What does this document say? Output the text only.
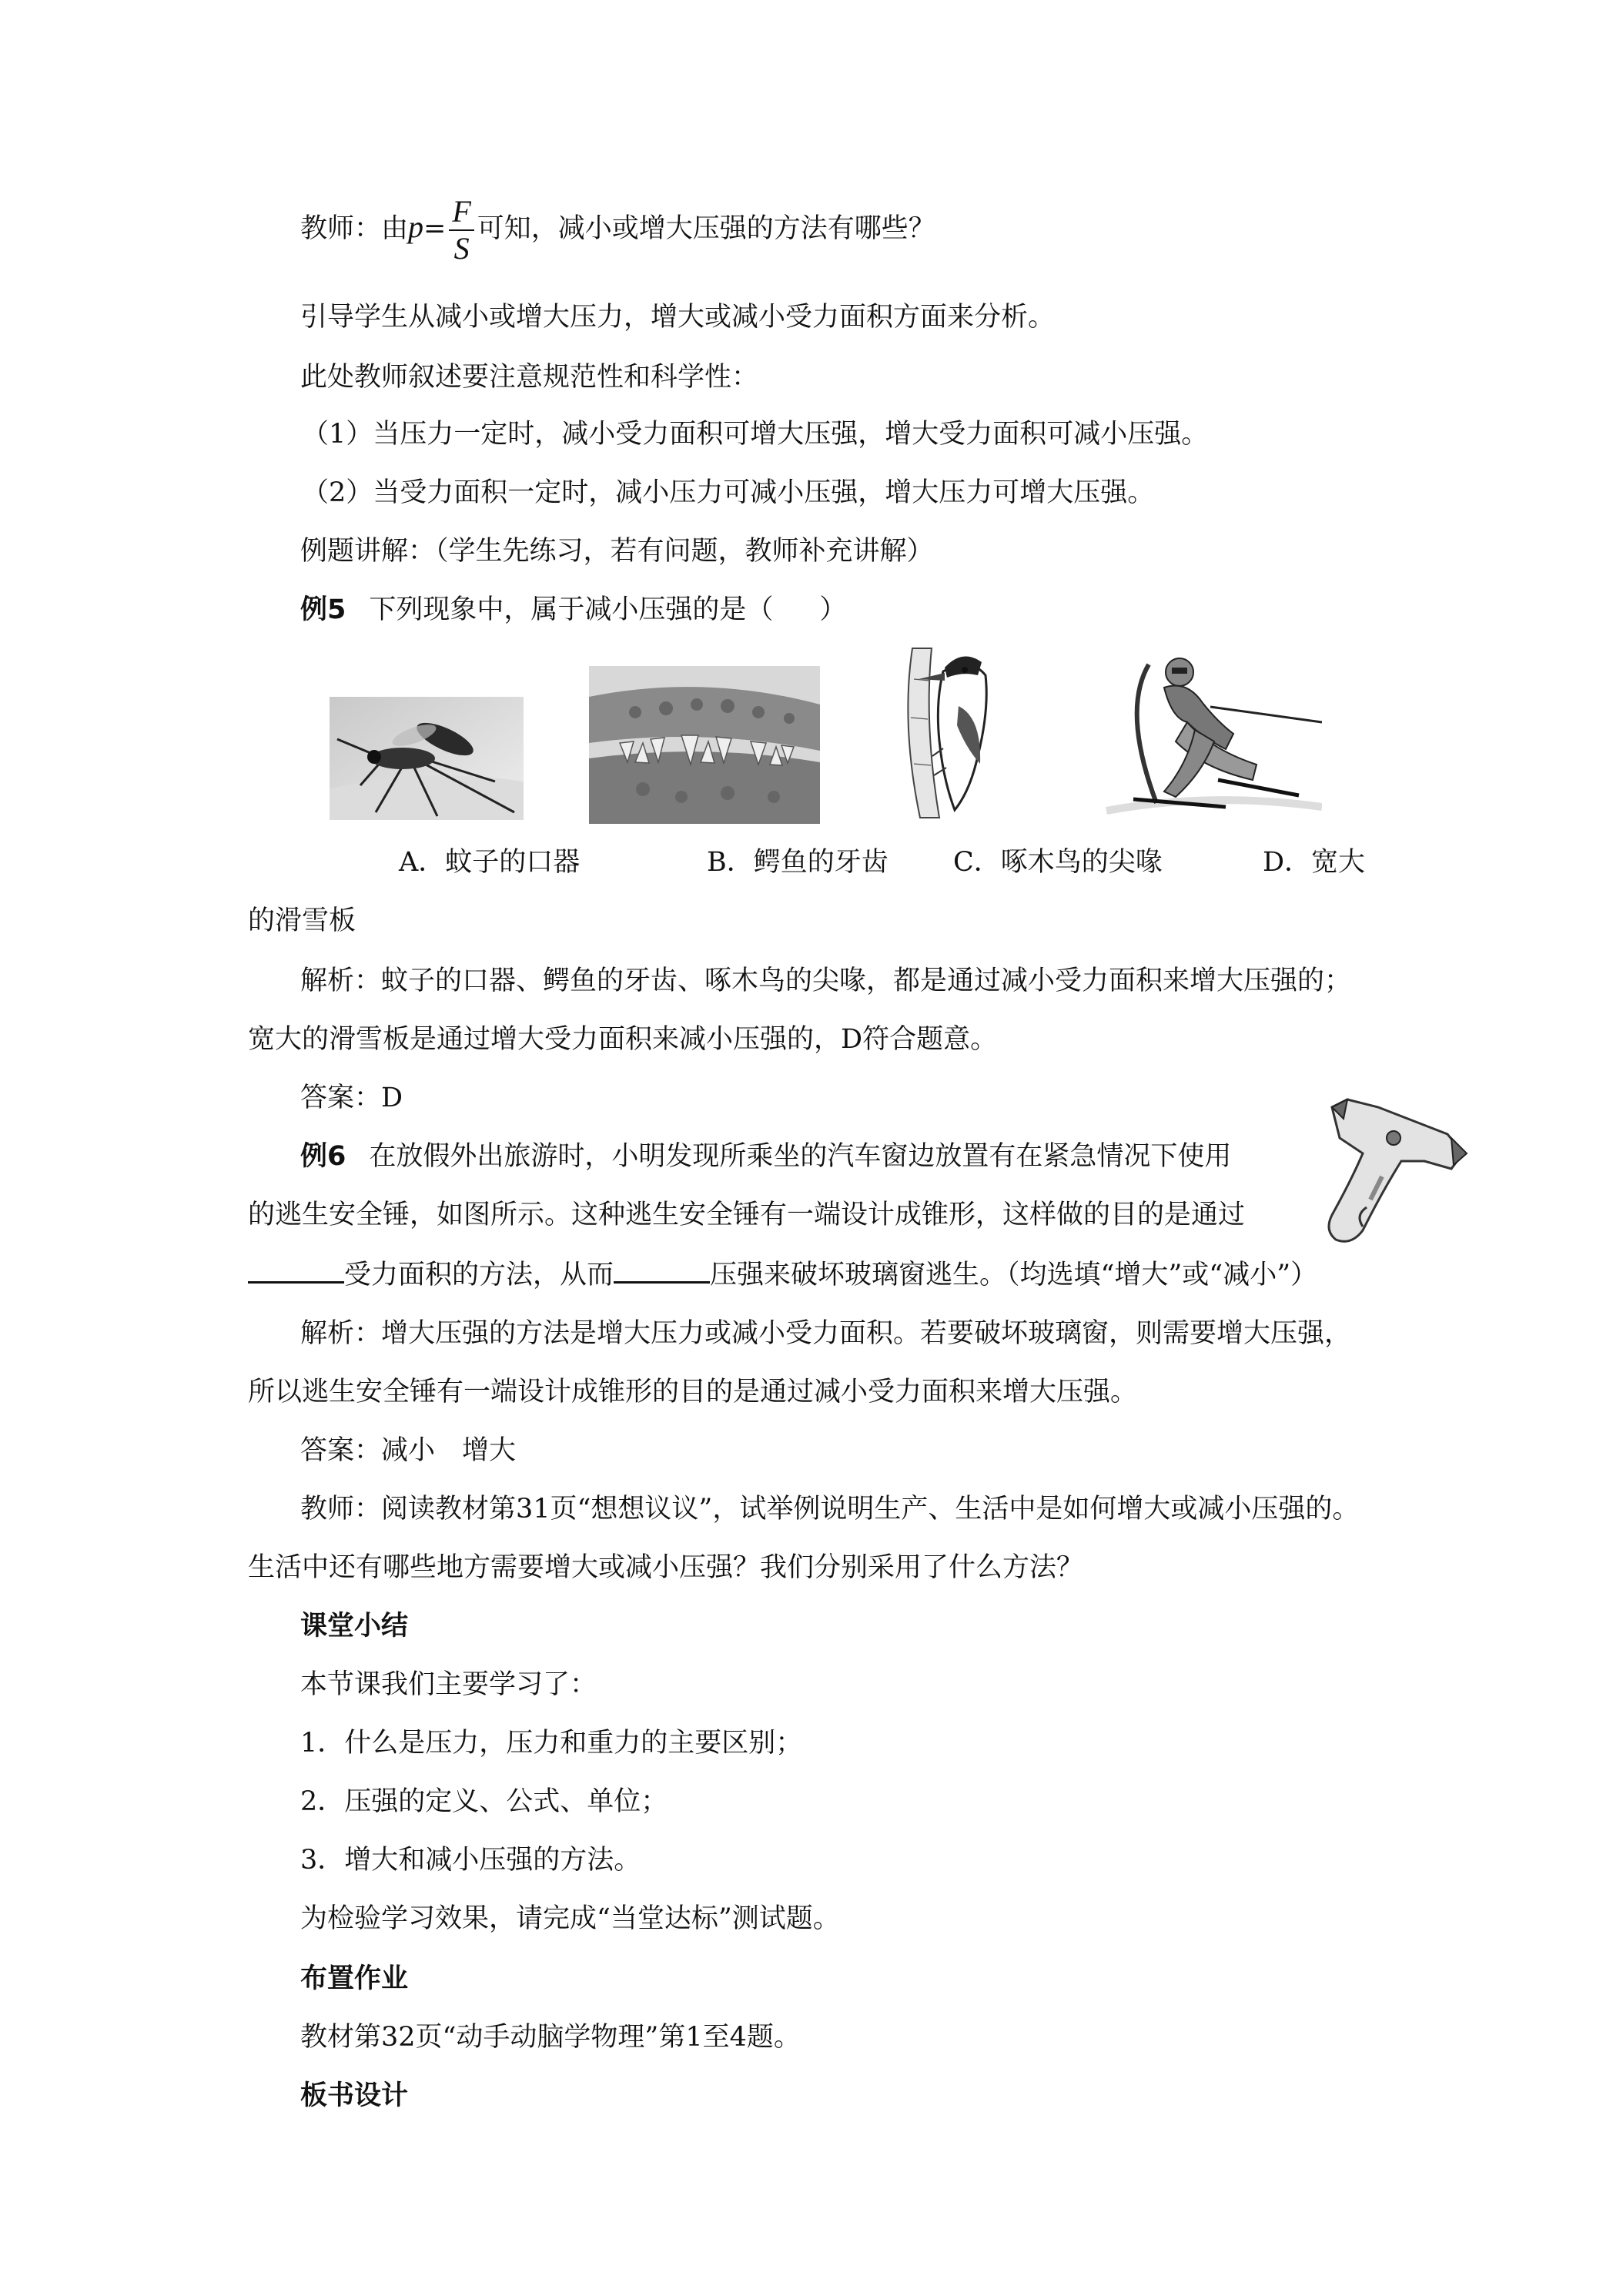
教师：由$p= \frac{F}{S}$ 可知，减小或增大压强的方法有哪些？
引导学生从减小或增大压力，增大或减小受力面积方面来分析。
此处教师叙述要注意规范性和科学性：
（1）当压力一定时，减小受力面积可增大压强，增大受力面积可减小压强。
（2）当受力面积一定时，减小压力可减小压强，增大压力可增大压强。
例题讲解：（学生先练习，若有问题，教师补充讲解）
例5 下列现象中，属于减小压强的是（ ）
A．蚊子的口器	B．鳄鱼的牙齿 C．啄木鸟的尖喙	D．宽大
的滑雪板
解析：蚊子的口器、鳄鱼的牙齿、啄木鸟的尖喙，都是通过减小受力面积来增大压强的；
宽大的滑雪板是通过增大受力面积来减小压强的，D符合题意。
答案：D
例6 在放假外出旅游时，小明发现所乘坐的汽车窗边放置有在紧急情况下使用
的逃生安全锤，如图所示。这种逃生安全锤有一端设计成锥形，这样做的目的是通过
受力面积的方法，从而	压强来破坏玻璃窗逃生。（均选填“增大”或“减小”）
解析：增大压强的方法是增大压力或减小受力面积。若要破坏玻璃窗，则需要增大压强，
所以逃生安全锤有一端设计成锥形的目的是通过减小受力面积来增大压强。
答案：减小　增大
教师：阅读教材第31页“想想议议”，试举例说明生产、生活中是如何增大或减小压强的。
生活中还有哪些地方需要增大或减小压强？我们分别采用了什么方法？
课堂小结
本节课我们主要学习了：
1．什么是压力，压力和重力的主要区别；
2．压强的定义、公式、单位；
3．增大和减小压强的方法。
为检验学习效果，请完成“当堂达标”测试题。
布置作业
教材第32页“动手动脑学物理”第1至4题。
板书设计
